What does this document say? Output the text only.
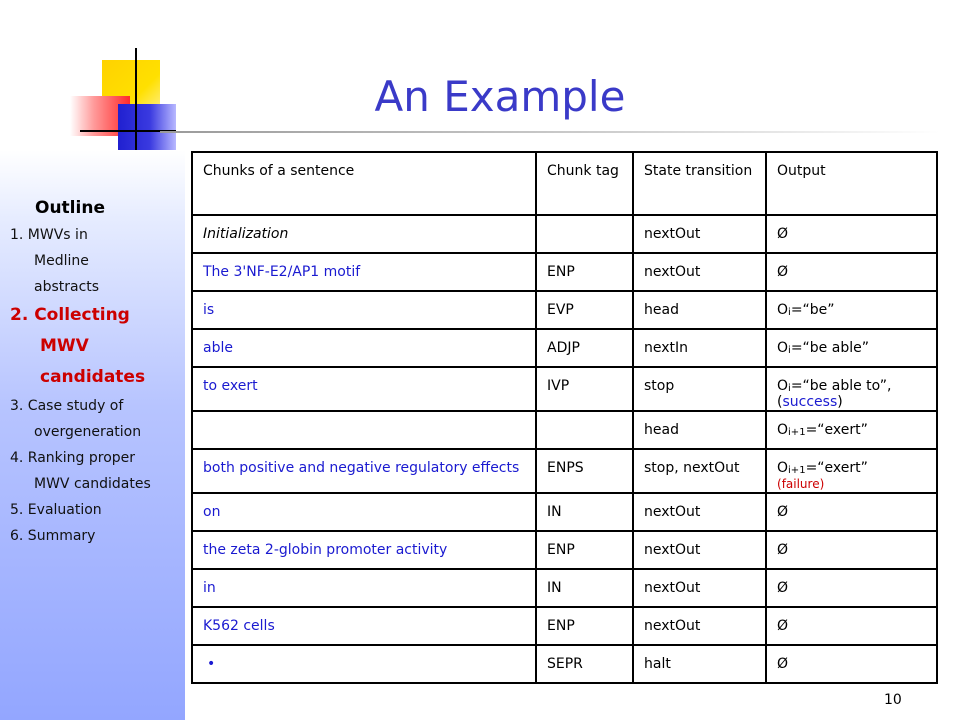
An Example
Outline
1. MWVs in
Medline
abstracts
2. Collecting
MWV
candidates
3. Case study of
overgeneration
4. Ranking proper
MWV candidates
5. Evaluation
6. Summary
Chunks of a sentence	Chunk tag	State transition	Output
Initialization		nextOut	Ø
The 3'NF-E2/AP1 motif	ENP	nextOut	Ø
is	EVP	head	Oi=“be”
able	ADJP	nextIn	Oi=“be able”
to exert	IVP	stop	Oi=“be able to”,
(success)
		head	Oi+1=“exert”
both positive and negative regulatory effects	ENPS	stop, nextOut	Oi+1=“exert”
(failure)
on	IN	nextOut	Ø
the zeta 2-globin promoter activity	ENP	nextOut	Ø
in	IN	nextOut	Ø
K562 cells	ENP	nextOut	Ø
•	SEPR	halt	Ø
10
